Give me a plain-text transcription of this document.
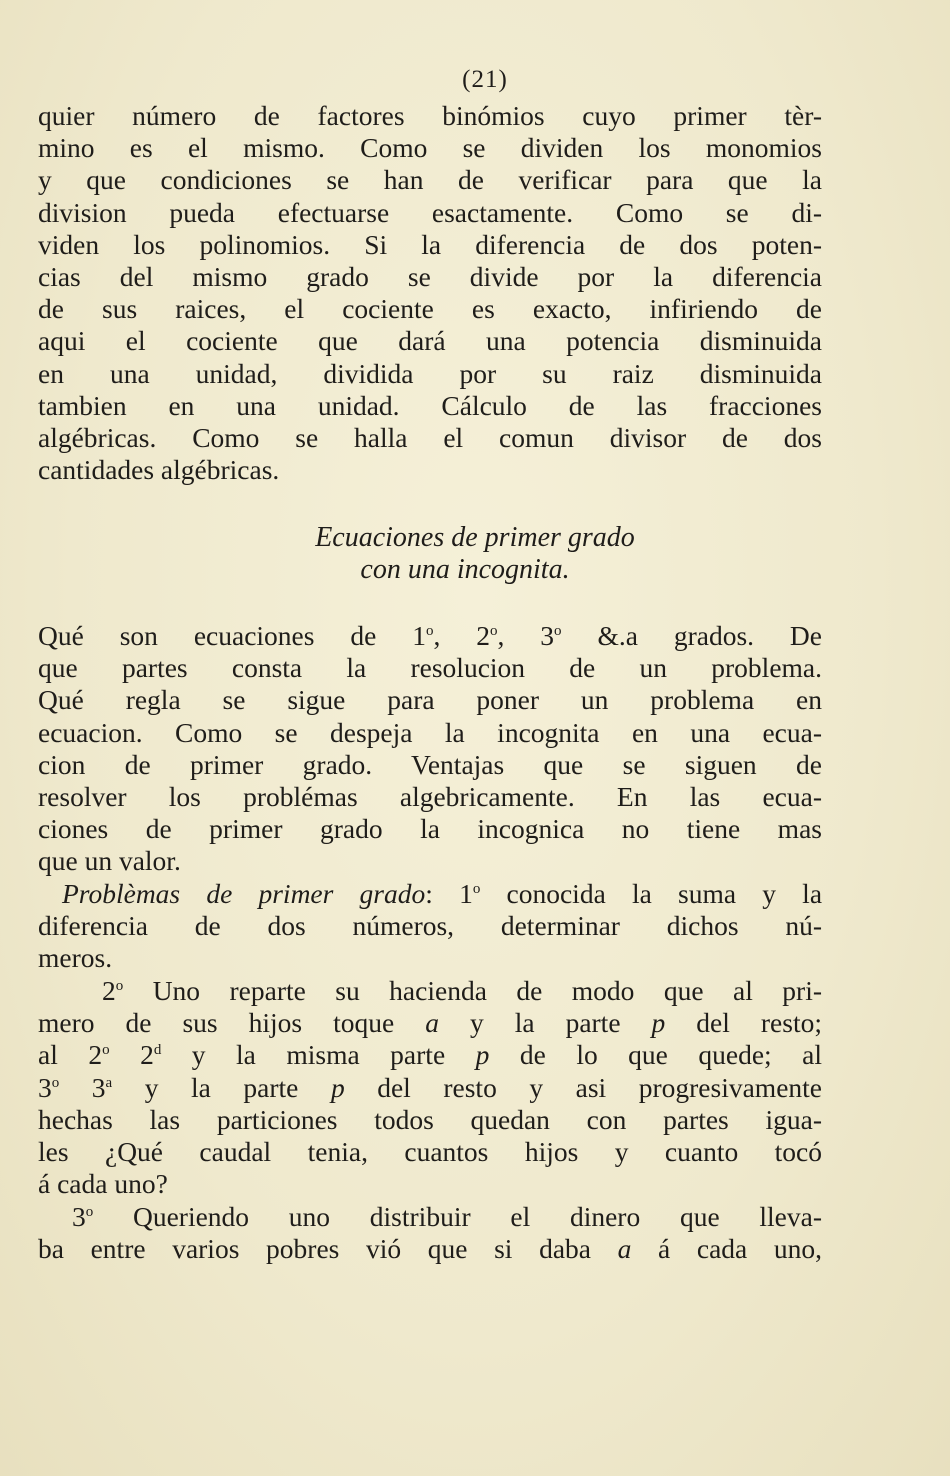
(21)
quier número de factores binómios cuyo primer tèr-
mino es el mismo. Como se dividen los monomios
y que condiciones se han de verificar para que la
division pueda efectuarse esactamente. Como se di-
viden los polinomios. Si la diferencia de dos poten-
cias del mismo grado se divide por la diferencia
de sus raices, el cociente es exacto, infiriendo de
aqui el cociente que dará una potencia disminuida
en una unidad, dividida por su raiz disminuida
tambien en una unidad. Cálculo de las fracciones
algébricas. Como se halla el comun divisor de dos
cantidades algébricas.
Ecuaciones de primer grado
con una incognita.
Qué son ecuaciones de 1$^o$, 2$^o$, 3$^o$ &.a grados. De
que partes consta la resolucion de un problema.
Qué regla se sigue para poner un problema en
ecuacion. Como se despeja la incognita en una ecua-
cion de primer grado. Ventajas que se siguen de
resolver los problémas algebricamente. En las ecua-
ciones de primer grado la incognica no tiene mas
que un valor.
Problèmas de primer grado: 1$^o$ conocida la suma y la
diferencia de dos números, determinar dichos nú-
meros.
2$^o$ Uno reparte su hacienda de modo que al pri-
mero de sus hijos toque a y la parte p del resto;
al 2$^o$ 2$^d$ y la misma parte p de lo que quede; al
3$^o$ 3$^a$ y la parte p del resto y asi progresivamente
hechas las particiones todos quedan con partes igua-
les ¿Qué caudal tenia, cuantos hijos y cuanto tocó
á cada uno?
3$^o$ Queriendo uno distribuir el dinero que lleva-
ba entre varios pobres vió que si daba a á cada uno,
